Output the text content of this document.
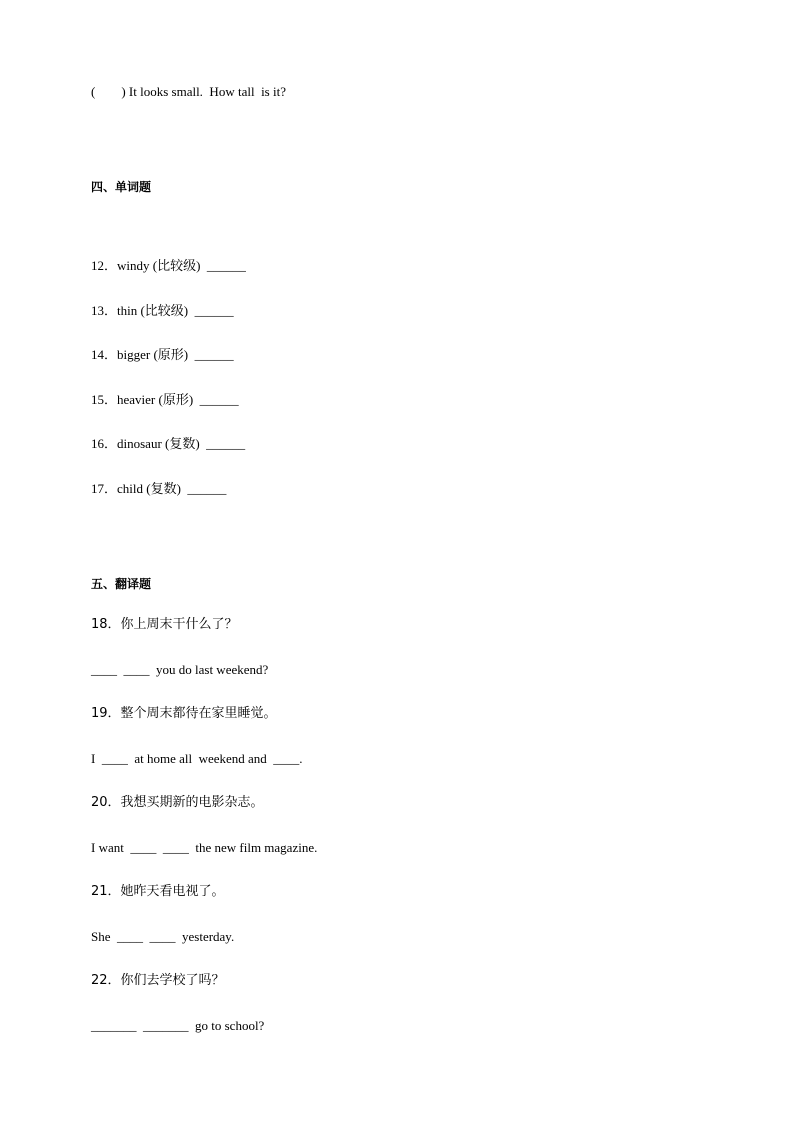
(        ) It looks small.  How tall  is it?
四、单词题
12．windy (比较级)  ______
13．thin (比较级)  ______
14．bigger (原形)  ______
15．heavier (原形)  ______
16．dinosaur (复数)  ______
17．child (复数)  ______
五、翻译题
18．你上周末干什么了？
____  ____  you do last weekend?
19．整个周末都待在家里睡觉。
I  ____  at home all  weekend and  ____.
20．我想买期新的电影杂志。
I want  ____  ____  the new film magazine.
21．她昨天看电视了。
She  ____  ____  yesterday.
22．你们去学校了吗？
_______  _______  go to school?
